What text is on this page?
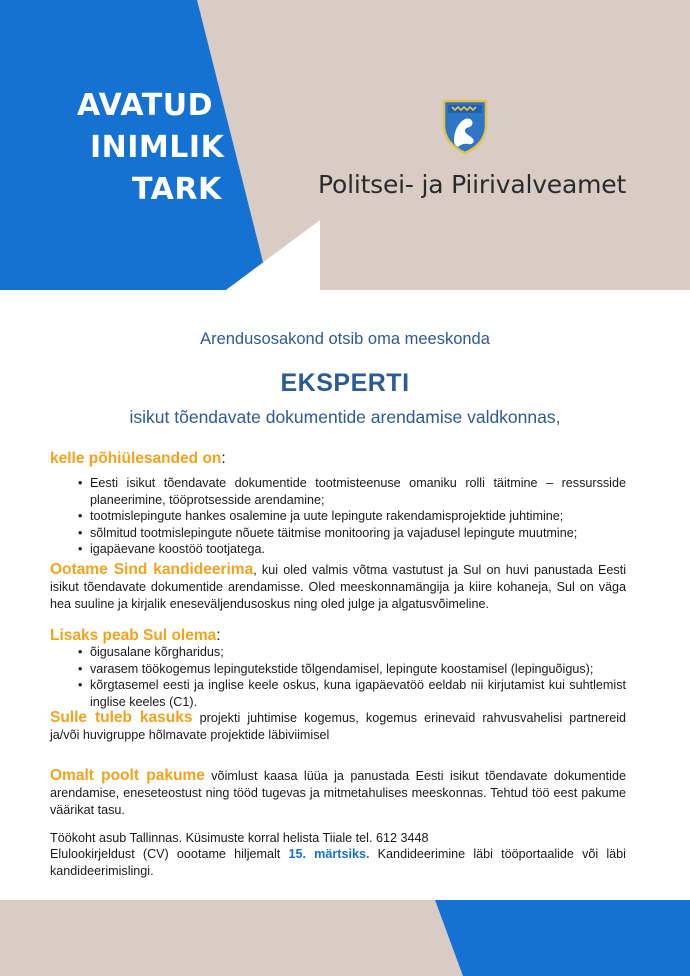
AVATUD
INIMLIK
TARK	Politsei- ja Piirivalveamet
Arendusosakond otsib oma meeskonda
EKSPERTI
isikut tõendavate dokumentide arendamise valdkonnas,
kelle põhiülesanded on:
• Eesti isikut tõendavate dokumentide tootmisteenuse omaniku rolli täitmine – ressursside planeerimine, tööprotsesside arendamine;
• tootmislepingute hankes osalemine ja uute lepingute rakendamisprojektide juhtimine;
• sõlmitud tootmislepingute nõuete täitmise monitooring ja vajadusel lepingute muutmine;
• igapäevane koostöö tootjatega.
Ootame Sind kandideerima, kui oled valmis võtma vastutust ja Sul on huvi panustada Eesti isikut tõendavate dokumentide arendamisse. Oled meeskonnamängija ja kiire kohaneja, Sul on väga hea suuline ja kirjalik eneseväljendusoskus ning oled julge ja algatusvõimeline.
Lisaks peab Sul olema:
• õigusalane kõrgharidus;
• varasem töökogemus lepingutekstide tõlgendamisel, lepingute koostamisel (lepinguõigus);
• kõrgtasemel eesti ja inglise keele oskus, kuna igapäevatöö eeldab nii kirjutamist kui suhtlemist inglise keeles (C1).
Sulle tuleb kasuks projekti juhtimise kogemus, kogemus erinevaid rahvusvahelisi partnereid ja/või huvigruppe hõlmavate projektide läbiviimisel
Omalt poolt pakume võimlust kaasa lüüa ja panustada Eesti isikut tõendavate dokumentide arendamise, eneseteostust ning tööd tugevas ja mitmetahulises meeskonnas. Tehtud töö eest pakume väärikat tasu.
Töökoht asub Tallinnas. Küsimuste korral helista Tiiale tel. 612 3448
Elulookirjeldust (CV) oootame hiljemalt 15. märtsiks. Kandideerimine läbi tööportaalide või läbi kandideerimislingi.
